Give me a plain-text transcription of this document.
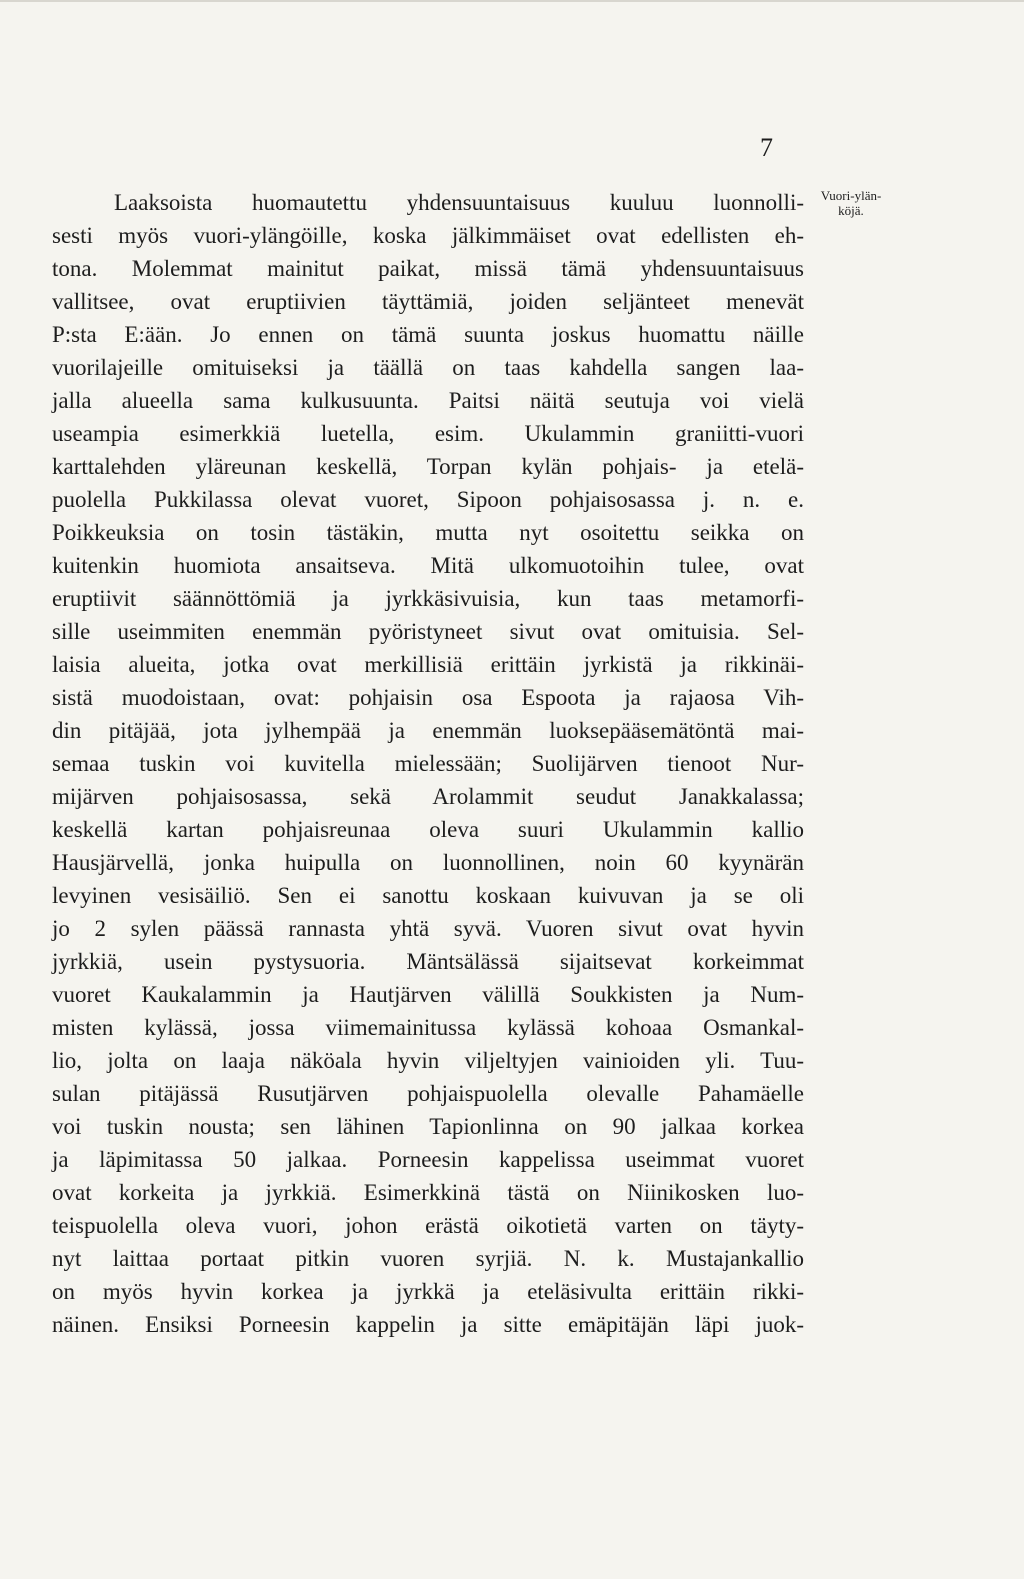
7
Vuori-ylän-
köjä.
Laaksoista huomautettu yhdensuuntaisuus kuuluu luonnolli-
sesti myös vuori-ylängöille, koska jälkimmäiset ovat edellisten eh-
tona. Molemmat mainitut paikat, missä tämä yhdensuuntaisuus
vallitsee, ovat eruptiivien täyttämiä, joiden seljänteet menevät
P:sta E:ään. Jo ennen on tämä suunta joskus huomattu näille
vuorilajeille omituiseksi ja täällä on taas kahdella sangen laa-
jalla alueella sama kulkusuunta. Paitsi näitä seutuja voi vielä
useampia esimerkkiä luetella, esim. Ukulammin graniitti-vuori
karttalehden yläreunan keskellä, Torpan kylän pohjais- ja etelä-
puolella Pukkilassa olevat vuoret, Sipoon pohjaisosassa j. n. e.
Poikkeuksia on tosin tästäkin, mutta nyt osoitettu seikka on
kuitenkin huomiota ansaitseva. Mitä ulkomuotoihin tulee, ovat
eruptiivit säännöttömiä ja jyrkkäsivuisia, kun taas metamorfi-
sille useimmiten enemmän pyöristyneet sivut ovat omituisia. Sel-
laisia alueita, jotka ovat merkillisiä erittäin jyrkistä ja rikkinäi-
sistä muodoistaan, ovat: pohjaisin osa Espoota ja rajaosa Vih-
din pitäjää, jota jylhempää ja enemmän luoksepääsemätöntä mai-
semaa tuskin voi kuvitella mielessään; Suolijärven tienoot Nur-
mijärven pohjaisosassa, sekä Arolammit seudut Janakkalassa;
keskellä kartan pohjaisreunaa oleva suuri Ukulammin kallio
Hausjärvellä, jonka huipulla on luonnollinen, noin 60 kyynärän
levyinen vesisäiliö. Sen ei sanottu koskaan kuivuvan ja se oli
jo 2 sylen päässä rannasta yhtä syvä. Vuoren sivut ovat hyvin
jyrkkiä, usein pystysuoria. Mäntsälässä sijaitsevat korkeimmat
vuoret Kaukalammin ja Hautjärven välillä Soukkisten ja Num-
misten kylässä, jossa viimemainitussa kylässä kohoaa Osmankal-
lio, jolta on laaja näköala hyvin viljeltyjen vainioiden yli. Tuu-
sulan pitäjässä Rusutjärven pohjaispuolella olevalle Pahamäelle
voi tuskin nousta; sen lähinen Tapionlinna on 90 jalkaa korkea
ja läpimitassa 50 jalkaa. Porneesin kappelissa useimmat vuoret
ovat korkeita ja jyrkkiä. Esimerkkinä tästä on Niinikosken luo-
teispuolella oleva vuori, johon erästä oikotietä varten on täyty-
nyt laittaa portaat pitkin vuoren syrjiä. N. k. Mustajankallio
on myös hyvin korkea ja jyrkkä ja eteläsivulta erittäin rikki-
näinen. Ensiksi Porneesin kappelin ja sitte emäpitäjän läpi juok-
